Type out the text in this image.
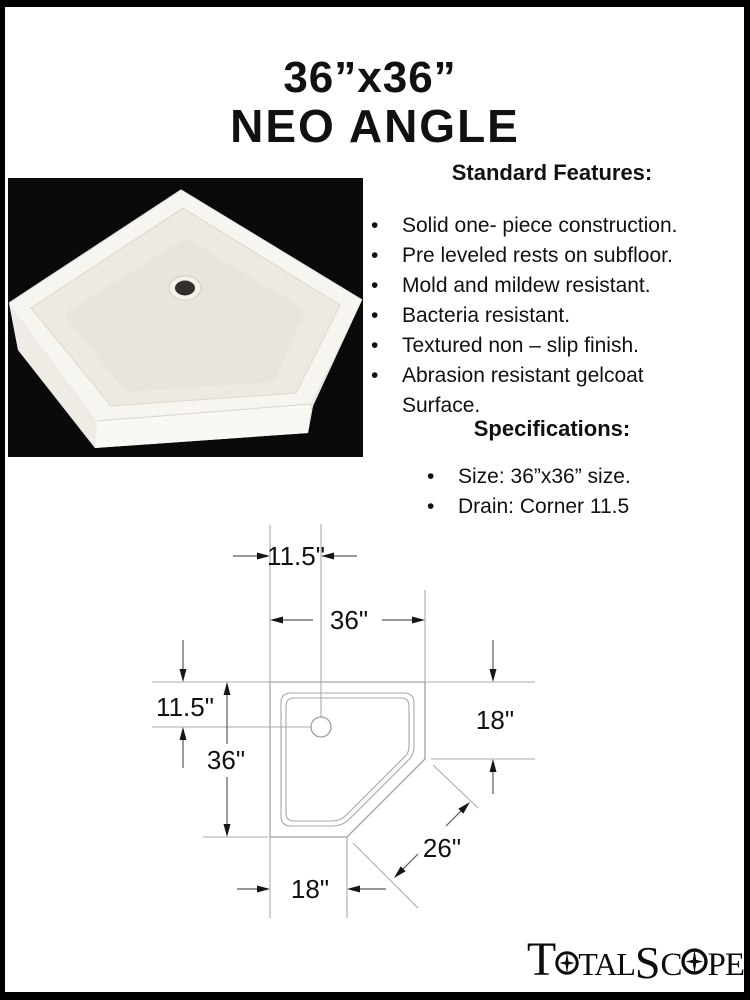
36”x36”
NEO ANGLE
Standard Features:
• Solid one- piece construction.
• Pre leveled rests on subfloor.
• Mold and mildew resistant.
• Bacteria resistant.
• Textured non – slip finish.
• Abrasion resistant gelcoat Surface.
Specifications:
• Size: 36”x36” size.
• Drain: Corner 11.5
11.5"
36"
11.5"
36"
18"
26"
18"
T TALSC PE
